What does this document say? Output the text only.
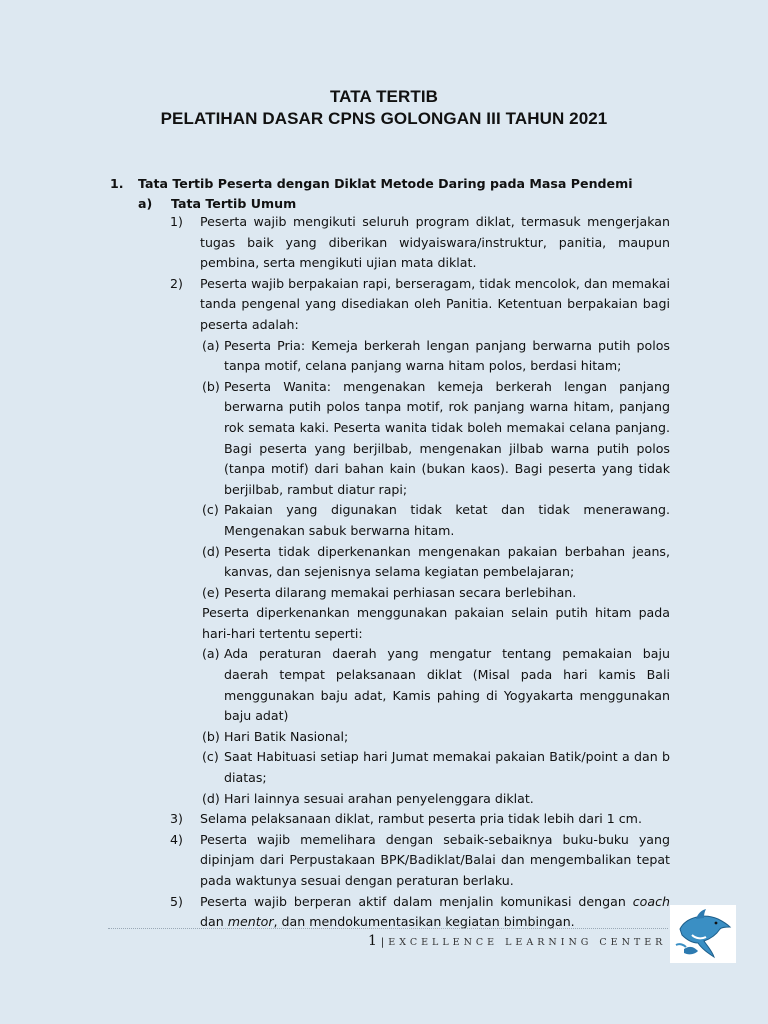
TATA TERTIB
PELATIHAN DASAR CPNS GOLONGAN III TAHUN 2021
1. Tata Tertib Peserta dengan Diklat Metode Daring pada Masa Pendemi
a) Tata Tertib Umum
1) Peserta wajib mengikuti seluruh program diklat, termasuk mengerjakan tugas baik yang diberikan widyaiswara/instruktur, panitia, maupun pembina, serta mengikuti ujian mata diklat.
2) Peserta wajib berpakaian rapi, berseragam, tidak mencolok, dan memakai tanda pengenal yang disediakan oleh Panitia. Ketentuan berpakaian bagi peserta adalah:
(a) Peserta Pria: Kemeja berkerah lengan panjang berwarna putih polos tanpa motif, celana panjang warna hitam polos, berdasi hitam;
(b) Peserta Wanita: mengenakan kemeja berkerah lengan panjang berwarna putih polos tanpa motif, rok panjang warna hitam, panjang rok semata kaki. Peserta wanita tidak boleh memakai celana panjang. Bagi peserta yang berjilbab, mengenakan jilbab warna putih polos (tanpa motif) dari bahan kain (bukan kaos). Bagi peserta yang tidak berjilbab, rambut diatur rapi;
(c) Pakaian yang digunakan tidak ketat dan tidak menerawang. Mengenakan sabuk berwarna hitam.
(d) Peserta tidak diperkenankan mengenakan pakaian berbahan jeans, kanvas, dan sejenisnya selama kegiatan pembelajaran;
(e) Peserta dilarang memakai perhiasan secara berlebihan.
Peserta diperkenankan menggunakan pakaian selain putih hitam pada hari-hari tertentu seperti:
(a) Ada peraturan daerah yang mengatur tentang pemakaian baju daerah tempat pelaksanaan diklat (Misal pada hari kamis Bali menggunakan baju adat, Kamis pahing di Yogyakarta menggunakan baju adat)
(b) Hari Batik Nasional;
(c) Saat Habituasi setiap hari Jumat memakai pakaian Batik/point a dan b diatas;
(d) Hari lainnya sesuai arahan penyelenggara diklat.
3) Selama pelaksanaan diklat, rambut peserta pria tidak lebih dari 1 cm.
4) Peserta wajib memelihara dengan sebaik-sebaiknya buku-buku yang dipinjam dari Perpustakaan BPK/Badiklat/Balai dan mengembalikan tepat pada waktunya sesuai dengan peraturan berlaku.
5) Peserta wajib berperan aktif dalam menjalin komunikasi dengan coach dan mentor, dan mendokumentasikan kegiatan bimbingan.
1 | EXCELLENCE LEARNING CENTER
